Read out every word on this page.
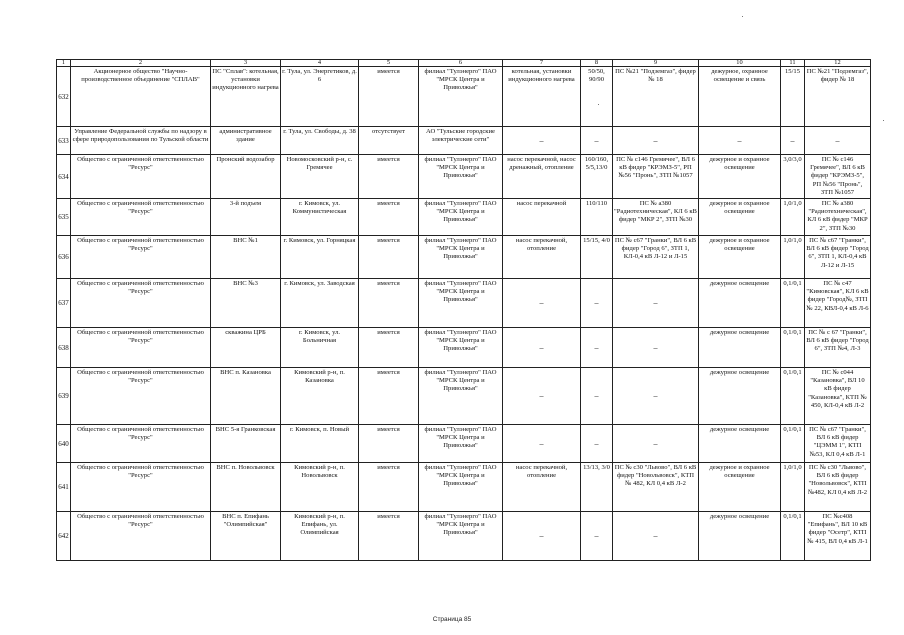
1	2	3	4	5	6	7	8	9	10	11	12
632	Акционерное общество "Научно-производственное объединение "СПЛАВ"	ПС "Сплав": котельная, установки индукционного нагрева	г. Тула, ул. Энергетиков, д. 6	имеется	филиал "Тулэнерго" ПАО "МРСК Центра и Приволжья"	котельная, установки индукционного нагрева	50/50, 90/90	ПС №21 "Подземгаз", фидер № 18	дежурное, охранное освещение и связь	15/15	ПС №21 "Подземгаз", фидер № 18
633	Управление Федеральной службы по надзору в сфере природопользования по Тульской области	административное здание	г. Тула, ул. Свободы, д. 38	отсутствует	АО "Тульские городские электрические сети"	–	–	–	–	–	–
634	Общество с ограниченной ответственностью "Ресурс"	Пронский водозабор	Новомосковский р-н, с. Гремячее	имеется	филиал "Тулэнерго" ПАО "МРСК Центра и Приволжья"	насос перекачной, насос дренажный, отопление	160/160, 5/5,13/0	ПС № с146 Гремячее", ВЛ 6 кВ фидер "КРЭМЗ-5", РП №56 "Пронь", ЗТП №1057	дежурное и охранное освещение	3,0/3,0	ПС № с146 Гремячее", ВЛ 6 кВ фидер "КРЭМЗ-5", РП №56 "Пронь", ЗТП №1057
635	Общество с ограниченной ответственностью "Ресурс"	3-й подъем	г. Кимовск, ул. Коммунистическая	имеется	филиал "Тулэнерго" ПАО "МРСК Центра и Приволжья"	насос перекачной	110/110	ПС № а380 "Радиотехническая", КЛ 6 кВ фидер "МКР 2", ЗТП №30	дежурное и охранное освещение	1,0/1,0	ПС № а380 "Радиотехническая", КЛ 6 кВ фидер "МКР 2", ЗТП №30
636	Общество с ограниченной ответственностью "Ресурс"	ВНС №1	г. Кимовск, ул. Горняцкая	имеется	филиал "Тулэнерго" ПАО "МРСК Центра и Приволжья"	насос перекачной, отопление	15/15, 4/0	ПС № с67 "Гранки", ВЛ 6 кВ фидер "Город 6", ЗТП 1, КЛ-0,4 кВ Л-12 и Л-15	дежурное и охранное освещение	1,0/1,0	ПС № с67 "Гранки", ВЛ 6 кВ фидер "Город 6", ЗТП 1, КЛ-0,4 кВ Л-12 и Л-15
637	Общество с ограниченной ответственностью "Ресурс"	ВНС №3	г. Кимовск, ул. Заводская	имеется	филиал "Тулэнерго" ПАО "МРСК Центра и Приволжья"	–	–	–	дежурное освещение	0,1/0,1	ПС № с47 "Кимовская", КЛ 6 кВ фидер "Город№, ЗТП № 22, КВЛ-0,4 кВ Л-6
638	Общество с ограниченной ответственностью "Ресурс"	скважина ЦРБ	г. Кимовск, ул. Больничная	имеется	филиал "Тулэнерго" ПАО "МРСК Центра и Приволжья"	–	–	–	дежурное освещение	0,1/0,1	ПС № с 67 "Гранки", ВЛ 6 кВ фидер "Город 6", ЗТП №4, Л-3
639	Общество с ограниченной ответственностью "Ресурс"	ВНС п. Казановка	Кимовский р-н, п. Казановка	имеется	филиал "Тулэнерго" ПАО "МРСК Центра и Приволжья"	–	–	–	дежурное освещение	0,1/0,1	ПС № с044 "Казановка", ВЛ 10 кВ фидер "Казановка", КТП № 450, КЛ-0,4 кВ Л-2
640	Общество с ограниченной ответственностью "Ресурс"	ВНС 5-я Гранковская	г. Кимовск, п. Новый	имеется	филиал "Тулэнерго" ПАО "МРСК Центра и Приволжья"	–	–	–	дежурное освещение	0,1/0,1	ПС № с67 "Гранки", ВЛ 6 кВ фидер "ЦЭММ 1", КТП №53, КЛ 0,4 кВ Л-1
641	Общество с ограниченной ответственностью "Ресурс"	ВНС п. Новольвовск	Кимовский р-н, п. Новольвовск	имеется	филиал "Тулэнерго" ПАО "МРСК Центра и Приволжья"	насос перекачной, отопление	13/13, 3/0	ПС № с30 "Львово", ВЛ 6 кВ фидер "Новольвовск", КТП № 482, КЛ 0,4 кВ Л-2	дежурное и охранное освещение	1,0/1,0	ПС № с30 "Львово", ВЛ 6 кВ фидер "Новольвовск", КТП №482, КЛ 0,4 кВ Л-2
642	Общество с ограниченной ответственностью "Ресурс"	ВНС п. Епифань "Олимпийская"	Кимовский р-н, п. Епифань, ул. Олимпийская	имеется	филиал "Тулэнерго" ПАО "МРСК Центра и Приволжья"	–	–	–	дежурное освещение	0,1/0,1	ПС №с408 "Епифань", ВЛ 10 кВ фидер "Осетр", КТП № 415, ВЛ 0,4 кВ Л-1
Страница 85
